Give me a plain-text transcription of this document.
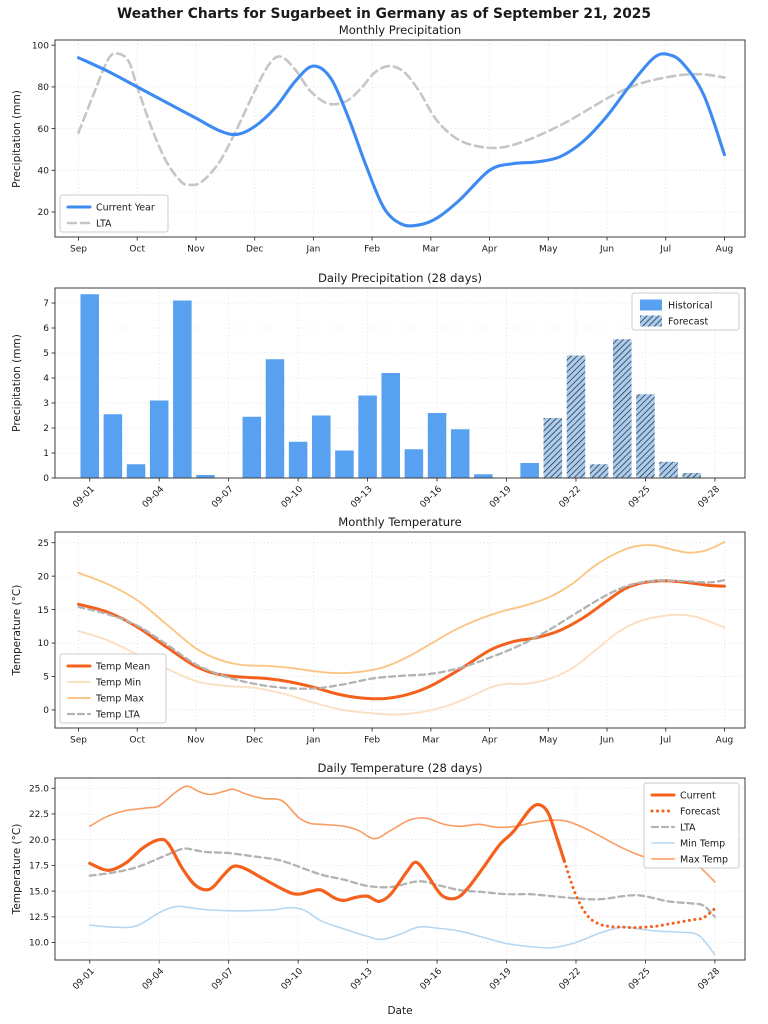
Weather Charts for Sugarbeet in Germany as of September 21, 2025
Monthly Precipitation
Precipitation (mm)
20
40
60
80
100
Sep	Oct	Nov	Dec	Jan	Feb	Mar	Apr	May	Jun	Jul	Aug
Current Year
LTA
Daily Precipitation (28 days)
Precipitation (mm)
0
1
2
3
4
5
6
7
09-01	09-04	09-07	09-10	09-13	09-16	09-19	09-22	09-25	09-28
Historical
Forecast
Monthly Temperature
Temperature (°C)
0
5
10
15
20
25
Sep	Oct	Nov	Dec	Jan	Feb	Mar	Apr	May	Jun	Jul	Aug
Temp Mean
Temp Min
Temp Max
Temp LTA
Daily Temperature (28 days)
Temperature (°C)
Date
10.0
12.5
15.0
17.5
20.0
22.5
25.0
09-01	09-04	09-07	09-10	09-13	09-16	09-19	09-22	09-25	09-28
Current
Forecast
LTA
Min Temp
Max Temp
